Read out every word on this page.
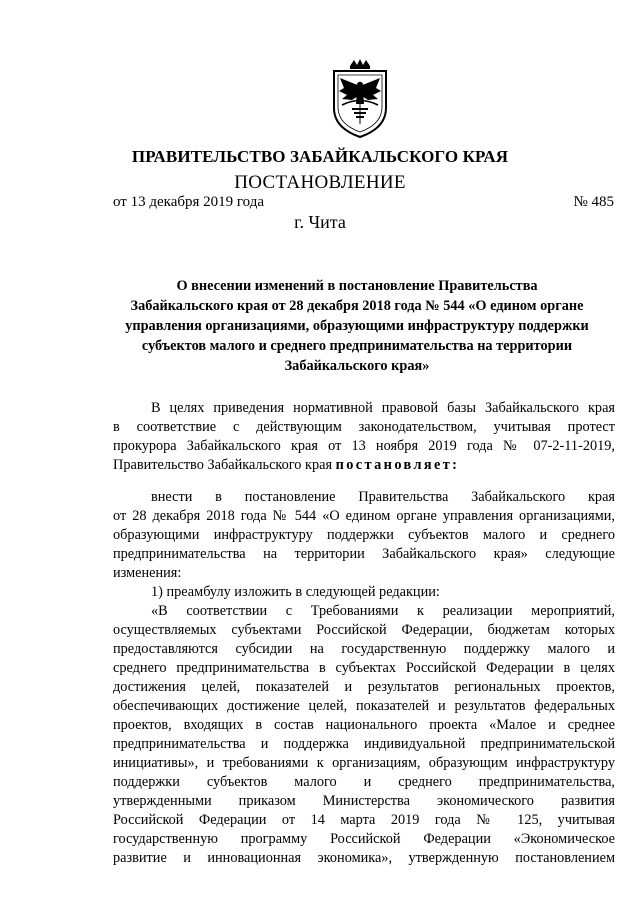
ПРАВИТЕЛЬСТВО ЗАБАЙКАЛЬСКОГО КРАЯ
ПОСТАНОВЛЕНИЕ
от 13 декабря 2019 года	№ 485
г. Чита
О внесении изменений в постановление Правительства
Забайкальского края от 28 декабря 2018 года № 544 «О едином органе
управления организациями, образующими инфраструктуру поддержки
субъектов малого и среднего предпринимательства на территории
Забайкальского края»
В целях приведения нормативной правовой базы Забайкальского края
в соответствие с действующим законодательством, учитывая протест
прокурора Забайкальского края от 13 ноября 2019 года № 07-2-11-2019,
Правительство Забайкальского края постановляет:
внести в постановление Правительства Забайкальского края
от 28 декабря 2018 года № 544 «О едином органе управления организациями,
образующими инфраструктуру поддержки субъектов малого и среднего
предпринимательства на территории Забайкальского края» следующие
изменения:
1) преамбулу изложить в следующей редакции:
«В соответствии с Требованиями к реализации мероприятий,
осуществляемых субъектами Российской Федерации, бюджетам которых
предоставляются субсидии на государственную поддержку малого и
среднего предпринимательства в субъектах Российской Федерации в целях
достижения целей, показателей и результатов региональных проектов,
обеспечивающих достижение целей, показателей и результатов федеральных
проектов, входящих в состав национального проекта «Малое и среднее
предпринимательства и поддержка индивидуальной предпринимательской
инициативы», и требованиями к организациям, образующим инфраструктуру
поддержки субъектов малого и среднего предпринимательства,
утвержденными приказом Министерства экономического развития
Российской Федерации от 14 марта 2019 года № 125, учитывая
государственную программу Российской Федерации «Экономическое
развитие и инновационная экономика», утвержденную постановлением
